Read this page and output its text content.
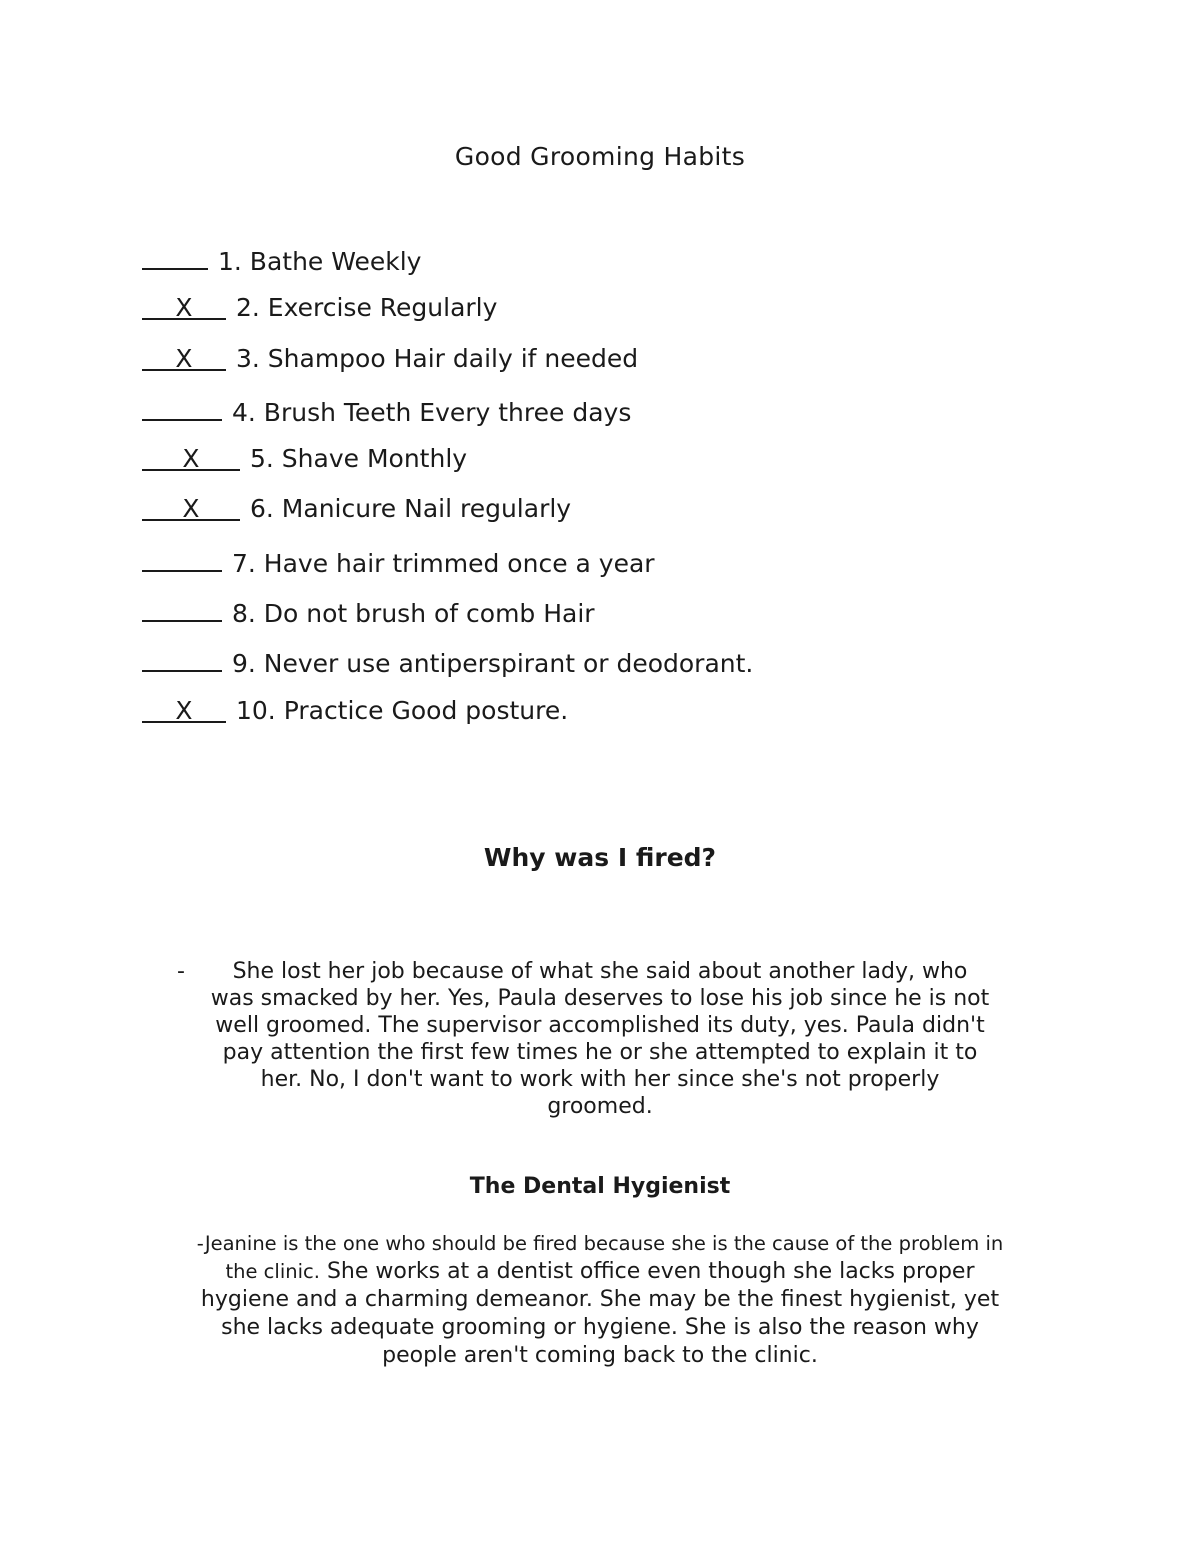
Good Grooming Habits
1. Bathe Weekly
X 2. Exercise Regularly
X 3. Shampoo Hair daily if needed
4. Brush Teeth Every three days
X 5. Shave Monthly
X 6. Manicure Nail regularly
7. Have hair trimmed once a year
8. Do not brush of comb Hair
9. Never use antiperspirant or deodorant.
X 10. Practice Good posture.
Why was I fired?
-	She lost her job because of what she said about another lady, who was smacked by her. Yes, Paula deserves to lose his job since he is not well groomed. The supervisor accomplished its duty, yes. Paula didn't pay attention the first few times he or she attempted to explain it to her. No, I don't want to work with her since she's not properly groomed.
The Dental Hygienist
-Jeanine is the one who should be fired because she is the cause of the problem in the clinic. She works at a dentist office even though she lacks proper hygiene and a charming demeanor. She may be the finest hygienist, yet she lacks adequate grooming or hygiene. She is also the reason why people aren't coming back to the clinic.
